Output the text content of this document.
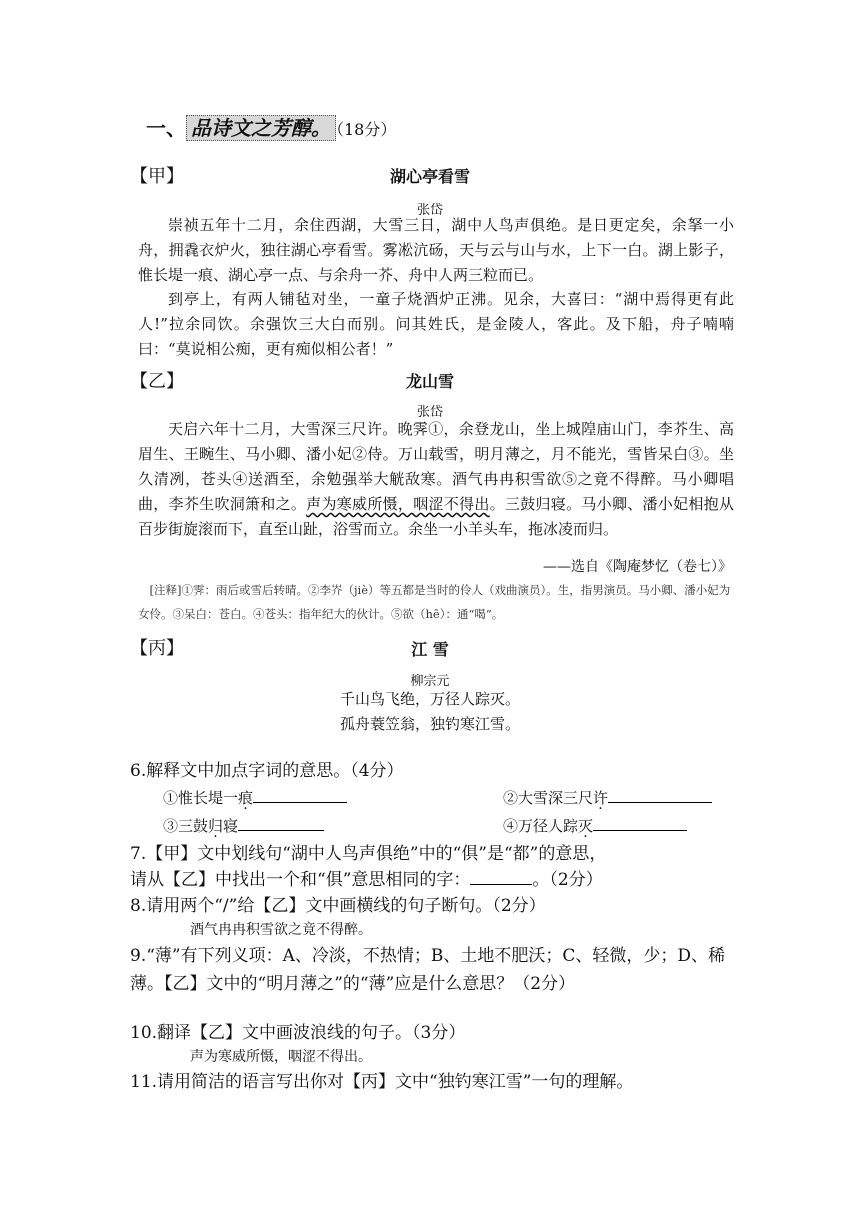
一、 品诗文之芳醇。 （18分）
【甲】	湖心亭看雪
张岱

崇祯五年十二月，余住西湖，大雪三日，湖中人鸟声俱绝。是日更定矣，余拏一小舟，拥毳衣炉火，独往湖心亭看雪。雾凇沆砀，天与云与山与水，上下一白。湖上影子，惟长堤一痕、湖心亭一点、与余舟一芥、舟中人两三粒而已。

到亭上，有两人铺毡对坐，一童子烧酒炉正沸。见余，大喜曰：“湖中焉得更有此人!”拉余同饮。余强饮三大白而别。问其姓氏，是金陵人，客此。及下船，舟子喃喃曰：“莫说相公痴，更有痴似相公者！”

【乙】	龙山雪
张岱

天启六年十二月，大雪深三尺许。晚霁①，余登龙山，坐上城隍庙山门，李芥生、高眉生、王畹生、马小卿、潘小妃②侍。万山载雪，明月薄之，月不能光，雪皆呆白③。坐久清冽，苍头④送酒至，余勉强举大觥敌寒。酒气冉冉积雪欲⑤之竟不得醉。马小卿唱曲，李芥生吹洞箫和之。声为寒威所慑，咽涩不得出。三鼓归寝。马小卿、潘小妃相抱从百步街旋滚而下，直至山趾，浴雪而立。余坐一小羊头车，拖冰凌而归。

——选自《陶庵梦忆（卷七）》

[注释]①霁：雨后或雪后转晴。②李岕（jiè）等五都是当时的伶人（戏曲演员）。生，指男演员。马小卿、潘小妃为女伶。③呆白：苍白。④苍头：指年纪大的伙计。⑤欲（hē）：通“喝”。

【丙】	江 雪
柳宗元
千山鸟飞绝，万径人踪灭。
孤舟蓑笠翁，独钓寒江雪。
6.解释文中加点字词的意思。（4分）
①惟长堤一痕	②大雪深三尺许
③三鼓归寝	④万径人踪灭
7.【甲】文中划线句“湖中人鸟声俱绝”中的“俱”是“都”的意思，
请从【乙】中找出一个和“俱”意思相同的字：	。（2分）
8.请用两个“/”给【乙】文中画横线的句子断句。（2分）
酒气冉冉积雪欲之竟不得醉。
9.“薄”有下列义项：A、冷淡，不热情；B、土地不肥沃；C、轻微，少；D、稀薄。【乙】文中的“明月薄之”的“薄”应是什么意思？（2分）
10.翻译【乙】文中画波浪线的句子。（3分）
声为寒威所慑，咽涩不得出。
11.请用简洁的语言写出你对【丙】文中“独钓寒江雪”一句的理解。
